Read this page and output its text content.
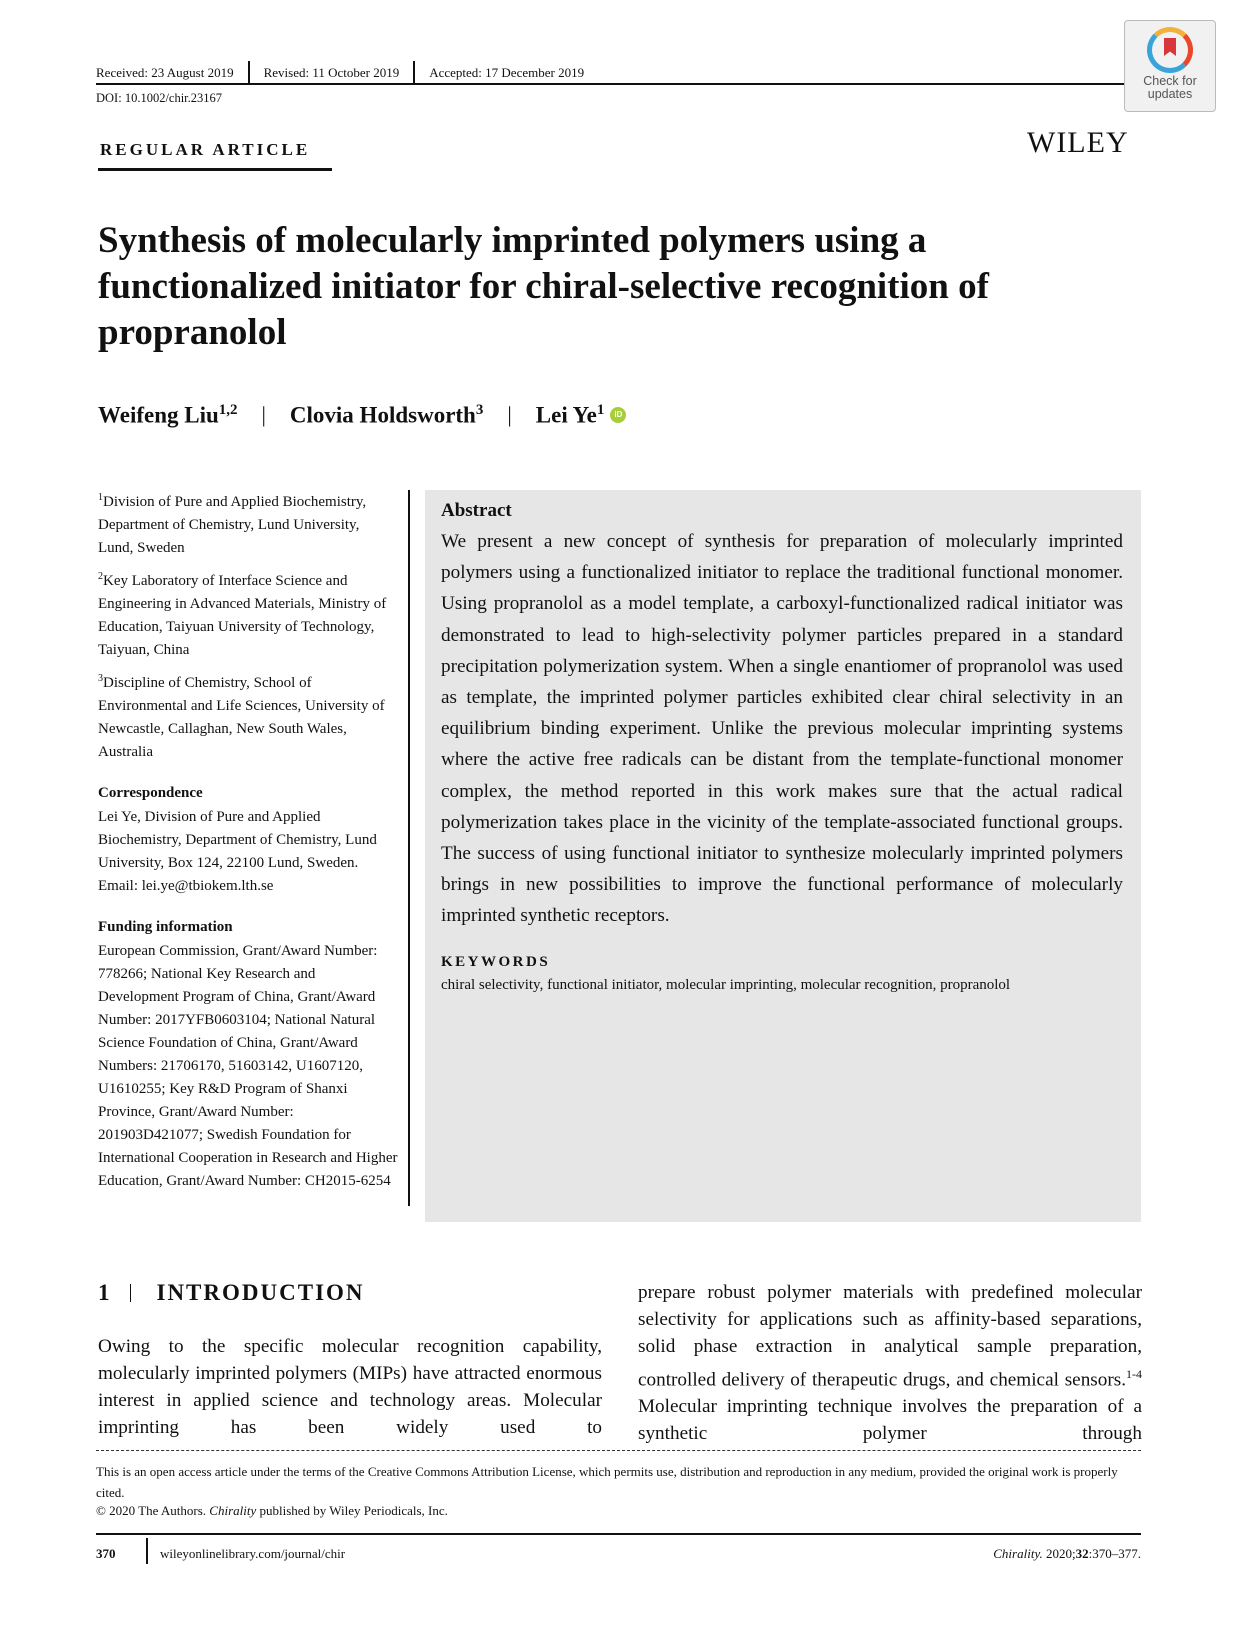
Received: 23 August 2019	Revised: 11 October 2019	Accepted: 17 December 2019
DOI: 10.1002/chir.23167
Check for
updates
WILEY
REGULAR ARTICLE
Synthesis of molecularly imprinted polymers using a functionalized initiator for chiral-selective recognition of propranolol
Weifeng Liu$^{1,2}$ | Clovia Holdsworth$^3$ | Lei Ye$^1$	iD

$^1$Division of Pure and Applied Biochemistry, Department of Chemistry, Lund University, Lund, Sweden

$^2$Key Laboratory of Interface Science and Engineering in Advanced Materials, Ministry of Education, Taiyuan University of Technology, Taiyuan, China

$^3$Discipline of Chemistry, School of Environmental and Life Sciences, University of Newcastle, Callaghan, New South Wales, Australia

Correspondence

Lei Ye, Division of Pure and Applied Biochemistry, Department of Chemistry, Lund University, Box 124, 22100 Lund, Sweden.

Email: lei.ye@tbiokem.lth.se

Funding information

European Commission, Grant/Award Number: 778266; National Key Research and Development Program of China, Grant/Award Number: 2017YFB0603104; National Natural Science Foundation of China, Grant/Award Numbers: 21706170, 51603142, U1607120, U1610255; Key R&D Program of Shanxi Province, Grant/Award Number: 201903D421077; Swedish Foundation for International Cooperation in Research and Higher Education, Grant/Award Number: CH2015-6254

Abstract

We present a new concept of synthesis for preparation of molecularly imprinted polymers using a functionalized initiator to replace the traditional functional monomer. Using propranolol as a model template, a carboxyl-functionalized radical initiator was demonstrated to lead to high-selectivity polymer particles prepared in a standard precipitation polymerization system. When a single enantiomer of propranolol was used as template, the imprinted polymer particles exhibited clear chiral selectivity in an equilibrium binding experiment. Unlike the previous molecular imprinting systems where the active free radicals can be distant from the template-functional monomer complex, the method reported in this work makes sure that the actual radical polymerization takes place in the vicinity of the template-associated functional groups. The success of using functional initiator to synthesize molecularly imprinted polymers brings in new possibilities to improve the functional performance of molecularly imprinted synthetic receptors.

KEYWORDS

chiral selectivity, functional initiator, molecular imprinting, molecular recognition, propranolol

1 INTRODUCTION

Owing to the specific molecular recognition capability, molecularly imprinted polymers (MIPs) have attracted enormous interest in applied science and technology areas. Molecular imprinting has been widely used to

prepare robust polymer materials with predefined molecular selectivity for applications such as affinity-based separations, solid phase extraction in analytical sample preparation, controlled delivery of therapeutic drugs, and chemical sensors.$^{1-4}$ Molecular imprinting technique involves the preparation of a synthetic polymer through

This is an open access article under the terms of the Creative Commons Attribution License, which permits use, distribution and reproduction in any medium, provided the original work is properly cited.

© 2020 The Authors. Chirality published by Wiley Periodicals, Inc.
370	wileyonlinelibrary.com/journal/chir	Chirality. 2020;32:370–377.
